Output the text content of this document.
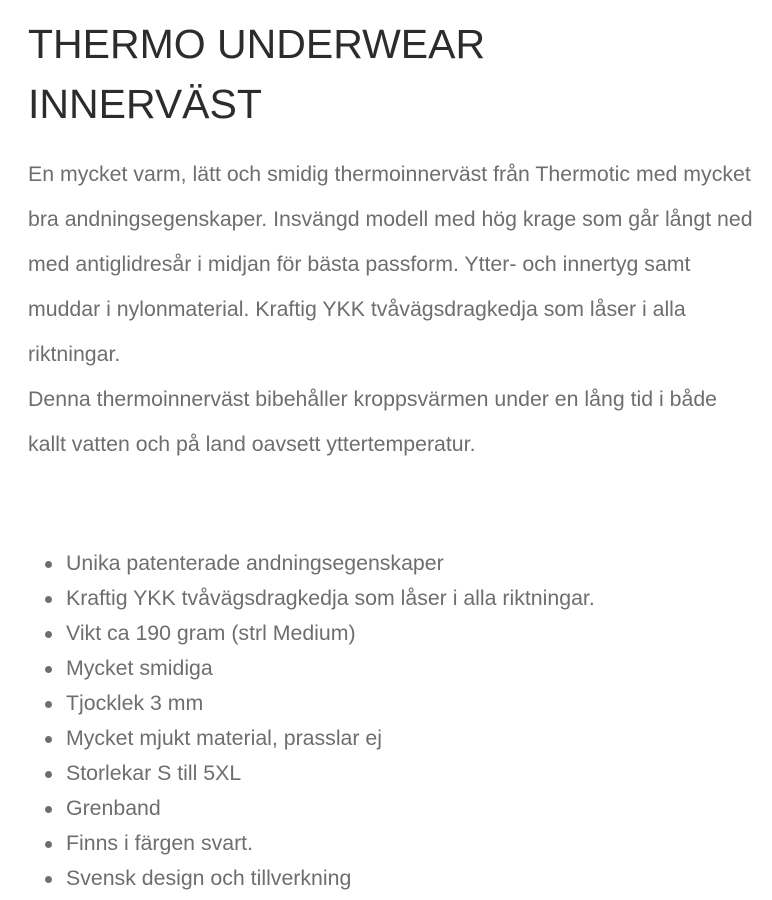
THERMO UNDERWEAR
INNERVÄST

En mycket varm, lätt och smidig thermoinnerväst från Thermotic med mycket bra andningsegenskaper. Insvängd modell med hög krage som går långt ned med antiglidresår i midjan för bästa passform. Ytter- och innertyg samt muddar i nylonmaterial. Kraftig YKK tvåvägsdragkedja som låser i alla riktningar.

Denna thermoinnerväst bibehåller kroppsvärmen under en lång tid i både kallt vatten och på land oavsett yttertemperatur.

Unika patenterade andningsegenskaper
Kraftig YKK tvåvägsdragkedja som låser i alla riktningar.
Vikt ca 190 gram (strl Medium)
Mycket smidiga
Tjocklek 3 mm
Mycket mjukt material, prasslar ej
Storlekar S till 5XL
Grenband
Finns i färgen svart.
Svensk design och tillverkning
